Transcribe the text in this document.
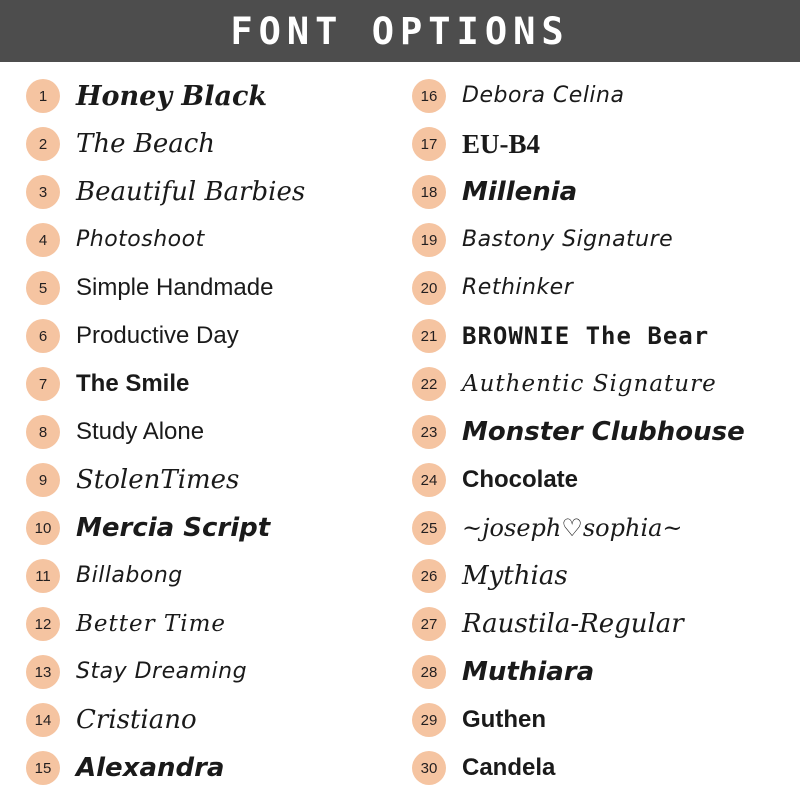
FONT OPTIONS
1	Honey Black
2	The Beach
3	Beautiful Barbies
4	Photoshoot
5	Simple Handmade
6	Productive Day
7	The Smile
8	Study Alone
9	StolenTimes
10 Mercia Script
11	Billabong
12	Better Time
13	Stay Dreaming
14 Cristiano
15 Alexandra
16	Debora Celina
17 EU-B4
18 Millenia
19	Bastony Signature
20	Rethinker
21	BROWNIE The Bear
22	Authentic Signature
23 Monster Clubhouse
24	Chocolate
25	~joseph♡sophia~
26 Mythias
27 Raustila-Regular
28 Muthiara
29	Guthen
30	Candela
